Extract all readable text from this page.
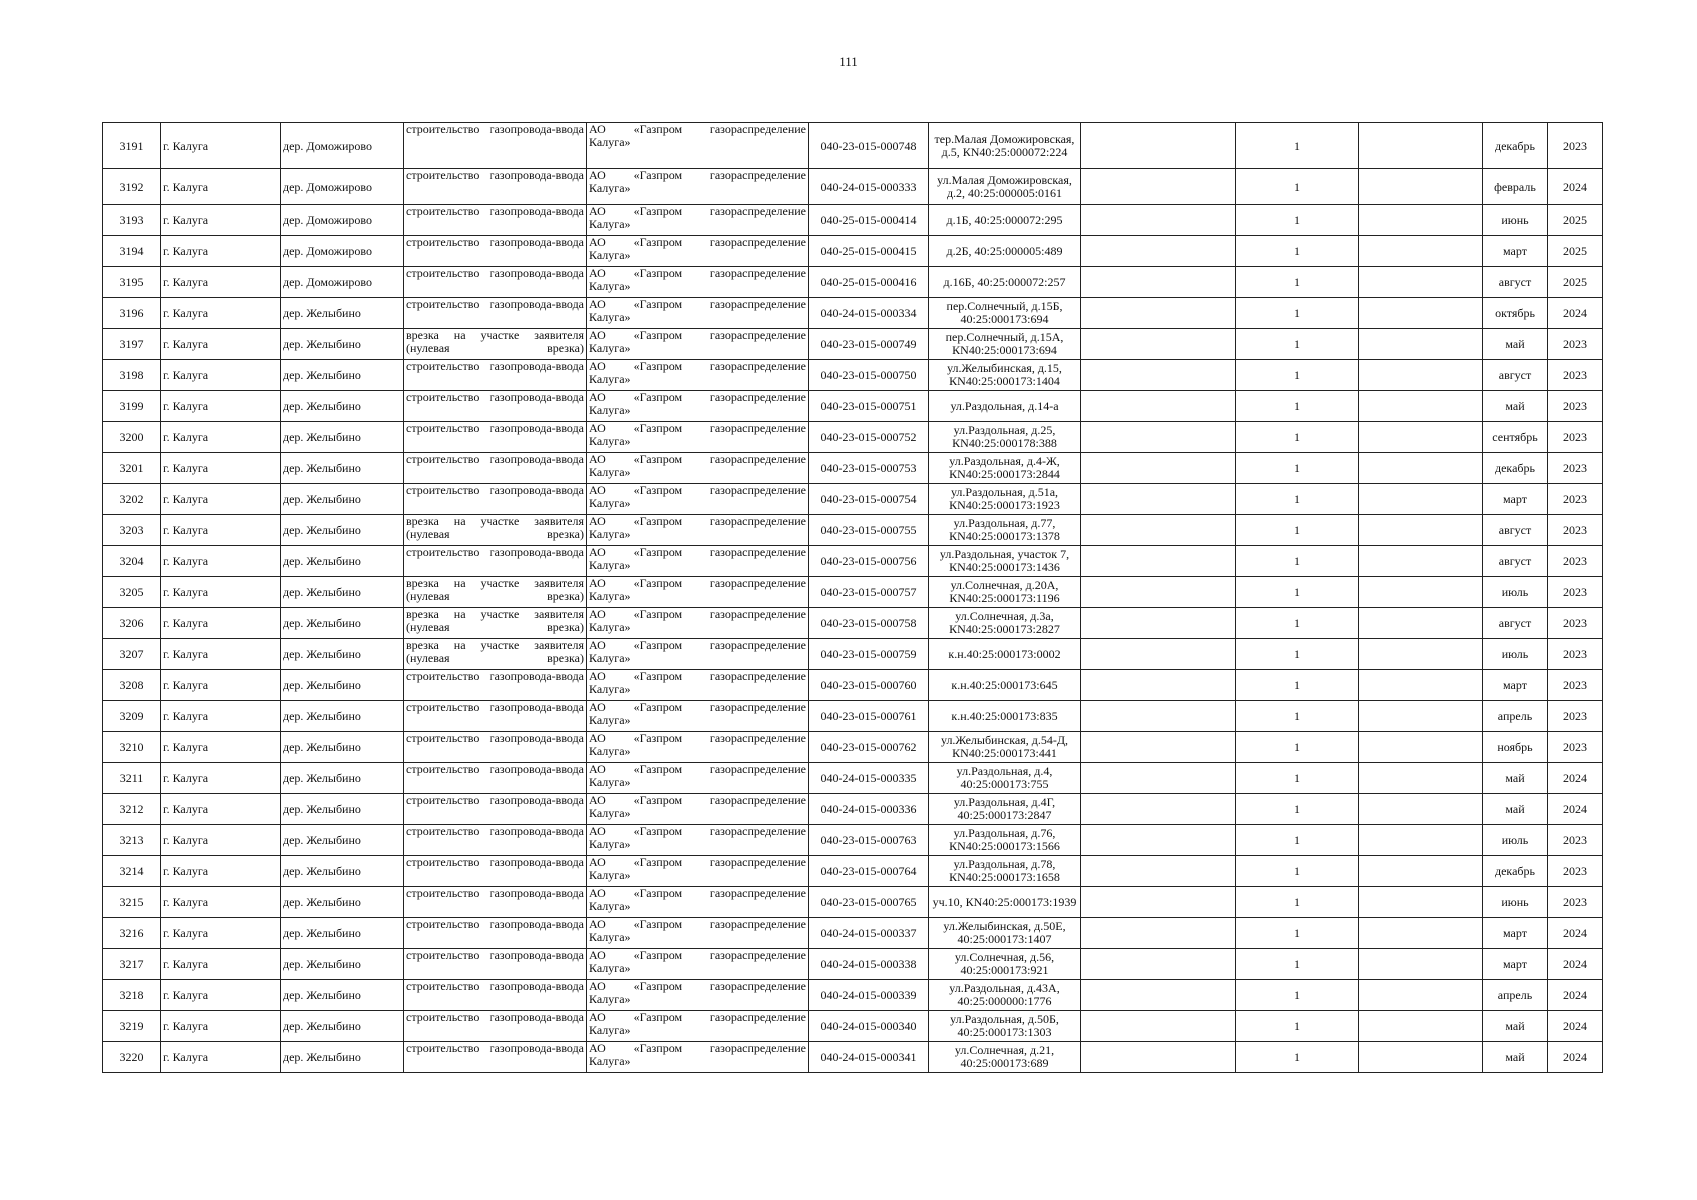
111
3191	г. Калуга	дер. Доможирово	строительство газопровода-ввода	АО «Газпром газораспределение
Калуга»	040-23-015-000748	тер.Малая Доможировская, д.5, КN40:25:000072:224		1		декабрь	2023
3192	г. Калуга	дер. Доможирово	строительство газопровода-ввода	АО «Газпром газораспределение
Калуга»	040-24-015-000333	ул.Малая Доможировская, д.2, 40:25:000005:0161		1		февраль	2024
3193	г. Калуга	дер. Доможирово	строительство газопровода-ввода	АО «Газпром газораспределение
Калуга»	040-25-015-000414	д.1Б, 40:25:000072:295		1		июнь	2025
3194	г. Калуга	дер. Доможирово	строительство газопровода-ввода	АО «Газпром газораспределение
Калуга»	040-25-015-000415	д.2Б, 40:25:000005:489		1		март	2025
3195	г. Калуга	дер. Доможирово	строительство газопровода-ввода	АО «Газпром газораспределение
Калуга»	040-25-015-000416	д.16Б, 40:25:000072:257		1		август	2025
3196	г. Калуга	дер. Желыбино	строительство газопровода-ввода	АО «Газпром газораспределение
Калуга»	040-24-015-000334	пер.Солнечный, д.15Б, 40:25:000173:694		1		октябрь	2024
3197	г. Калуга	дер. Желыбино	врезка на участке заявителя (нулевая врезка)	АО «Газпром газораспределение
Калуга»	040-23-015-000749	пер.Солнечный, д.15А, КN40:25:000173:694		1		май	2023
3198	г. Калуга	дер. Желыбино	строительство газопровода-ввода	АО «Газпром газораспределение
Калуга»	040-23-015-000750	ул.Желыбинская, д.15, КN40:25:000173:1404		1		август	2023
3199	г. Калуга	дер. Желыбино	строительство газопровода-ввода	АО «Газпром газораспределение
Калуга»	040-23-015-000751	ул.Раздольная, д.14-а		1		май	2023
3200	г. Калуга	дер. Желыбино	строительство газопровода-ввода	АО «Газпром газораспределение
Калуга»	040-23-015-000752	ул.Раздольная, д.25, КN40:25:000178:388		1		сентябрь	2023
3201	г. Калуга	дер. Желыбино	строительство газопровода-ввода	АО «Газпром газораспределение
Калуга»	040-23-015-000753	ул.Раздольная, д.4-Ж, КN40:25:000173:2844		1		декабрь	2023
3202	г. Калуга	дер. Желыбино	строительство газопровода-ввода	АО «Газпром газораспределение
Калуга»	040-23-015-000754	ул.Раздольная, д.51а, КN40:25:000173:1923		1		март	2023
3203	г. Калуга	дер. Желыбино	врезка на участке заявителя (нулевая врезка)	АО «Газпром газораспределение
Калуга»	040-23-015-000755	ул.Раздольная, д.77, КN40:25:000173:1378		1		август	2023
3204	г. Калуга	дер. Желыбино	строительство газопровода-ввода	АО «Газпром газораспределение
Калуга»	040-23-015-000756	ул.Раздольная, участок 7, КN40:25:000173:1436		1		август	2023
3205	г. Калуга	дер. Желыбино	врезка на участке заявителя (нулевая врезка)	АО «Газпром газораспределение
Калуга»	040-23-015-000757	ул.Солнечная, д.20А, КN40:25:000173:1196		1		июль	2023
3206	г. Калуга	дер. Желыбино	врезка на участке заявителя (нулевая врезка)	АО «Газпром газораспределение
Калуга»	040-23-015-000758	ул.Солнечная, д.3а, КN40:25:000173:2827		1		август	2023
3207	г. Калуга	дер. Желыбино	врезка на участке заявителя (нулевая врезка)	АО «Газпром газораспределение
Калуга»	040-23-015-000759	к.н.40:25:000173:0002		1		июль	2023
3208	г. Калуга	дер. Желыбино	строительство газопровода-ввода	АО «Газпром газораспределение
Калуга»	040-23-015-000760	к.н.40:25:000173:645		1		март	2023
3209	г. Калуга	дер. Желыбино	строительство газопровода-ввода	АО «Газпром газораспределение
Калуга»	040-23-015-000761	к.н.40:25:000173:835		1		апрель	2023
3210	г. Калуга	дер. Желыбино	строительство газопровода-ввода	АО «Газпром газораспределение
Калуга»	040-23-015-000762	ул.Желыбинская, д.54-Д, КN40:25:000173:441		1		ноябрь	2023
3211	г. Калуга	дер. Желыбино	строительство газопровода-ввода	АО «Газпром газораспределение
Калуга»	040-24-015-000335	ул.Раздольная, д.4, 40:25:000173:755		1		май	2024
3212	г. Калуга	дер. Желыбино	строительство газопровода-ввода	АО «Газпром газораспределение
Калуга»	040-24-015-000336	ул.Раздольная, д.4Г, 40:25:000173:2847		1		май	2024
3213	г. Калуга	дер. Желыбино	строительство газопровода-ввода	АО «Газпром газораспределение
Калуга»	040-23-015-000763	ул.Раздольная, д.76, КN40:25:000173:1566		1		июль	2023
3214	г. Калуга	дер. Желыбино	строительство газопровода-ввода	АО «Газпром газораспределение
Калуга»	040-23-015-000764	ул.Раздольная, д.78, КN40:25:000173:1658		1		декабрь	2023
3215	г. Калуга	дер. Желыбино	строительство газопровода-ввода	АО «Газпром газораспределение
Калуга»	040-23-015-000765	уч.10, КN40:25:000173:1939		1		июнь	2023
3216	г. Калуга	дер. Желыбино	строительство газопровода-ввода	АО «Газпром газораспределение
Калуга»	040-24-015-000337	ул.Желыбинская, д.50Е, 40:25:000173:1407		1		март	2024
3217	г. Калуга	дер. Желыбино	строительство газопровода-ввода	АО «Газпром газораспределение
Калуга»	040-24-015-000338	ул.Солнечная, д.56, 40:25:000173:921		1		март	2024
3218	г. Калуга	дер. Желыбино	строительство газопровода-ввода	АО «Газпром газораспределение
Калуга»	040-24-015-000339	ул.Раздольная, д.43А, 40:25:000000:1776		1		апрель	2024
3219	г. Калуга	дер. Желыбино	строительство газопровода-ввода	АО «Газпром газораспределение
Калуга»	040-24-015-000340	ул.Раздольная, д.50Б, 40:25:000173:1303		1		май	2024
3220	г. Калуга	дер. Желыбино	строительство газопровода-ввода	АО «Газпром газораспределение
Калуга»	040-24-015-000341	ул.Солнечная, д.21, 40:25:000173:689		1		май	2024
